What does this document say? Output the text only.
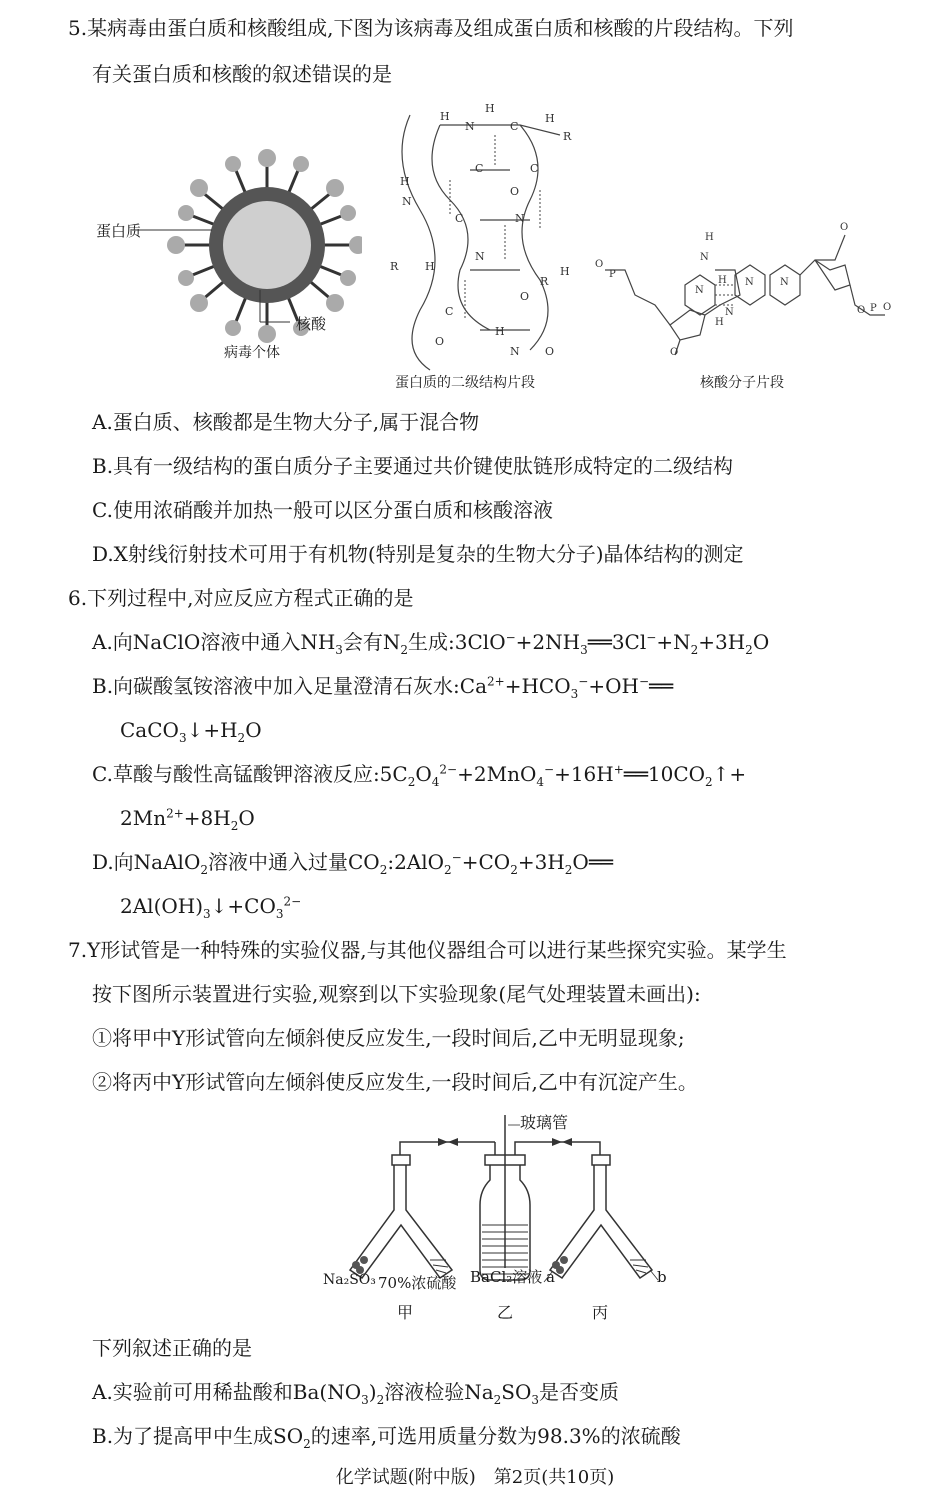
5.某病毒由蛋白质和核酸组成,下图为该病毒及组成蛋白质和核酸的片段结构。下列
有关蛋白质和核酸的叙述错误的是
蛋白质
核酸
病毒个体
H
H
N	C
H
R
H
N
C	C
O
C	N
R H	H
R
N
O
C
H
N O
O
蛋白质的二级结构片段
O
P
H
N
N
H N	N
O
O P O
N
H
O
核酸分子片段
A.蛋白质、核酸都是生物大分子,属于混合物
B.具有一级结构的蛋白质分子主要通过共价键使肽链形成特定的二级结构
C.使用浓硝酸并加热一般可以区分蛋白质和核酸溶液
D.X射线衍射技术可用于有机物(特别是复杂的生物大分子)晶体结构的测定
6.下列过程中,对应反应方程式正确的是
A.向NaClO溶液中通入$NH_3$会有$N_2$生成$:3ClO^-+2NH_3══3Cl^-+N_2+3H_2O$
B.向碳酸氢铵溶液中加入足量澄清石灰水$:Ca^{2+}+HCO_3^-+OH^-══$
$CaCO_3↓+H_2O$
C.草酸与酸性高锰酸钾溶液反应$:5C_2O_4^{2-}+2MnO_4^-+16H^+══10CO_2↑+$
$2Mn^{2+}+8H_2O$
D.向NaAlO$_2$溶液中通入过量$CO_2:2AlO_2^-+CO_2+3H_2O══$
$2Al(OH)_3↓+CO_3^{2-}$
7.Y形试管是一种特殊的实验仪器,与其他仪器组合可以进行某些探究实验。某学生
按下图所示装置进行实验,观察到以下实验现象(尾气处理装置未画出):
①将甲中Y形试管向左倾斜使反应发生,一段时间后,乙中无明显现象;
②将丙中Y形试管向左倾斜使反应发生,一段时间后,乙中有沉淀产生。
玻璃管
Na₂SO₃ 70%浓硫酸 BaCl₂溶液 a	b
甲	乙	丙
下列叙述正确的是
A.实验前可用稀盐酸和$Ba(NO_3)_2$溶液检验$Na_2SO_3$是否变质
B.为了提高甲中生成$SO_2$的速率,可选用质量分数为98.3%的浓硫酸
化学试题(附中版)　第2页(共10页)
